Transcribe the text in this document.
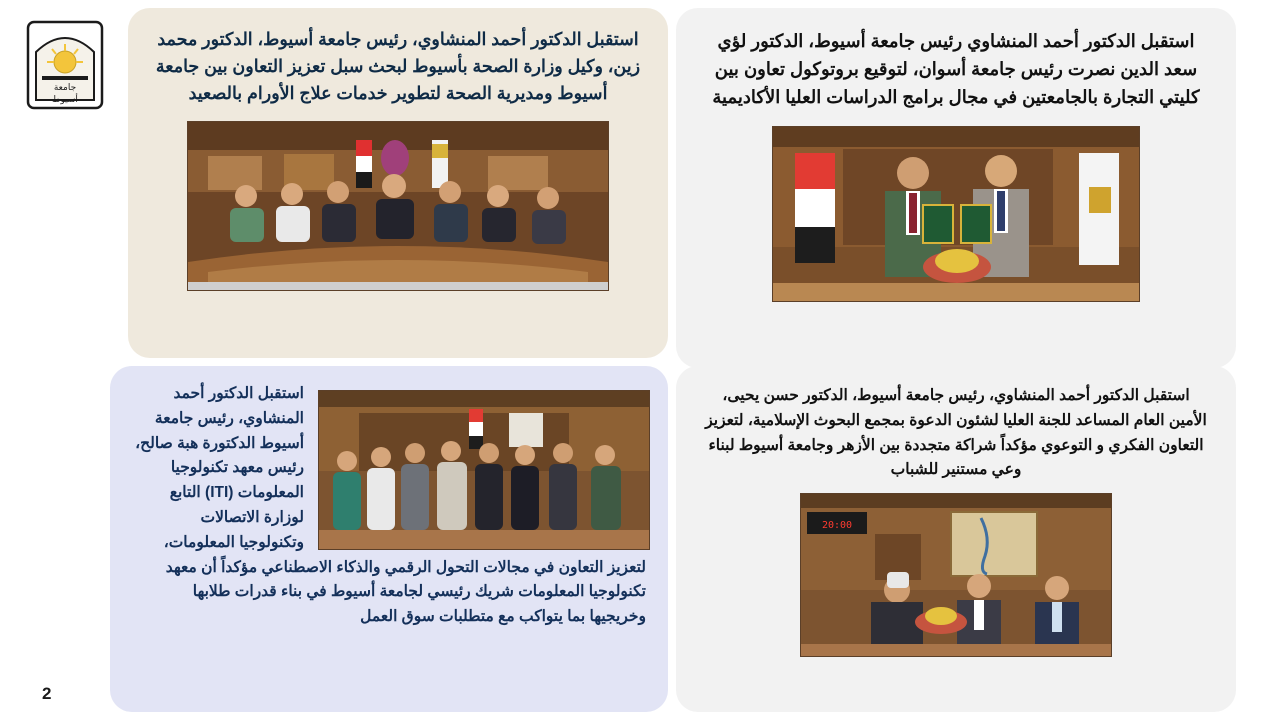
جامعة
أسيوط
استقبل الدكتور أحمد المنشاوي، رئيس جامعة أسيوط، الدكتور محمد زين، وكيل وزارة الصحة بأسيوط لبحث سبل تعزيز التعاون بين جامعة أسيوط ومديرية الصحة لتطوير خدمات علاج الأورام بالصعيد
استقبل الدكتور أحمد المنشاوي رئيس جامعة أسيوط، الدكتور لؤي سعد الدين نصرت رئيس جامعة أسوان، لتوقيع بروتوكول تعاون بين كليتي التجارة بالجامعتين في مجال برامج الدراسات العليا الأكاديمية
استقبل الدكتور أحمد المنشاوي، رئيس جامعة أسيوط الدكتورة هبة صالح، رئيس معهد تكنولوجيا المعلومات (ITI) التابع لوزارة الاتصالات وتكنولوجيا المعلومات، لتعزيز التعاون في مجالات التحول الرقمي والذكاء الاصطناعي مؤكداً أن معهد تكنولوجيا المعلومات شريك رئيسي لجامعة أسيوط في بناء قدرات طلابها وخريجيها بما يتواكب مع متطلبات سوق العمل
استقبل الدكتور أحمد المنشاوي، رئيس جامعة أسيوط، الدكتور حسن يحيى، الأمين العام المساعد للجنة العليا لشئون الدعوة بمجمع البحوث الإسلامية، لتعزيز التعاون الفكري و التوعوي مؤكداً شراكة متجددة بين الأزهر وجامعة أسيوط لبناء وعي مستنير للشباب
20:00
2
